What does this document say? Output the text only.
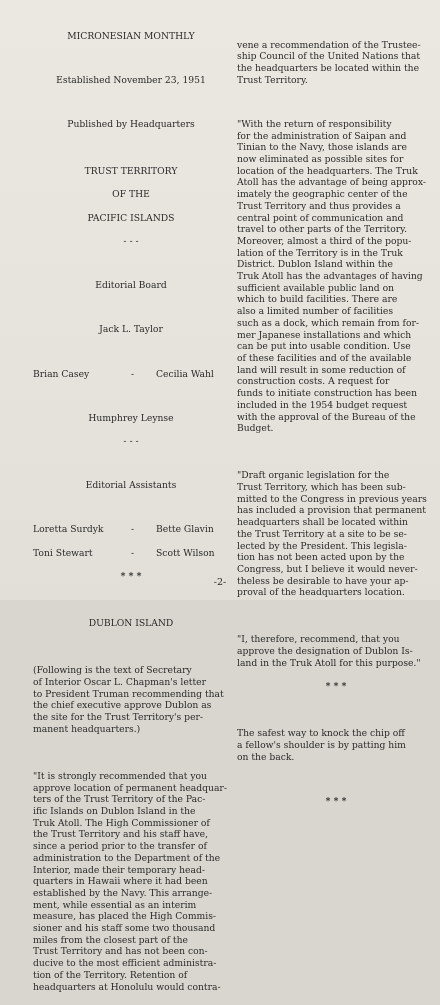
MICRONESIAN MONTHLY

Established November 23, 1951

Published by Headquarters

TRUST TERRITORY

OF THE

PACIFIC ISLANDS

- - -

Editorial Board

Jack L. Taylor

Brian Casey	- Cecilia Wahl

Humphrey Leynse

- - -

Editorial Assistants

Loretta Surdyk	- Bette Glavin

Toni Stewart	- Scott Wilson

* * *

DUBLON ISLAND

(Following is the text of Secretary
of Interior Oscar L. Chapman's letter
to President Truman recommending that
the chief executive approve Dublon as
the site for the Trust Territory's per-
manent headquarters.)

"It is strongly recommended that you
approve location of permanent headquar-
ters of the Trust Territory of the Pac-
ific Islands on Dublon Island in the
Truk Atoll. The High Commissioner of
the Trust Territory and his staff have,
since a period prior to the transfer of
administration to the Department of the
Interior, made their temporary head-
quarters in Hawaii where it had been
established by the Navy. This arrange-
ment, while essential as an interim
measure, has placed the High Commis-
sioner and his staff some two thousand
miles from the closest part of the
Trust Territory and has not been con-
ducive to the most efficient administra-
tion of the Territory. Retention of
headquarters at Honolulu would contra-

vene a recommendation of the Trustee-
ship Council of the United Nations that
the headquarters be located within the
Trust Territory.

"With the return of responsibility
for the administration of Saipan and
Tinian to the Navy, those islands are
now eliminated as possible sites for
location of the headquarters. The Truk
Atoll has the advantage of being approx-
imately the geographic center of the
Trust Territory and thus provides a
central point of communication and
travel to other parts of the Territory.
Moreover, almost a third of the popu-
lation of the Territory is in the Truk
District. Dublon Island within the
Truk Atoll has the advantages of having
sufficient available public land on
which to build facilities. There are
also a limited number of facilities
such as a dock, which remain from for-
mer Japanese installations and which
can be put into usable condition. Use
of these facilities and of the available
land will result in some reduction of
construction costs. A request for
funds to initiate construction has been
included in the 1954 budget request
with the approval of the Bureau of the
Budget.

"Draft organic legislation for the
Trust Territory, which has been sub-
mitted to the Congress in previous years
has included a provision that permanent
headquarters shall be located within
the Trust Territory at a site to be se-
lected by the President. This legisla-
tion has not been acted upon by the
Congress, but I believe it would never-
theless be desirable to have your ap-
proval of the headquarters location.

"I, therefore, recommend, that you
approve the designation of Dublon Is-
land in the Truk Atoll for this purpose."

* * *

The safest way to knock the chip off
a fellow's shoulder is by patting him
on the back.

* * *

-2-
